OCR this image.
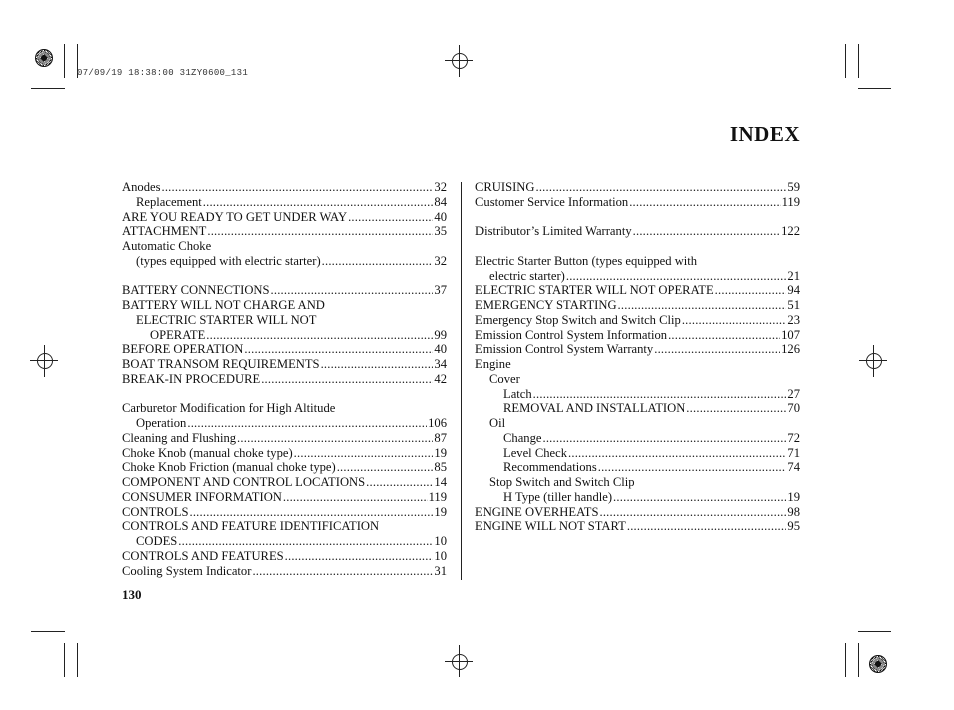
07/09/19 18:38:00 31ZY0600_131
INDEX
Anodes .....	32
Replacement .....	84
ARE YOU READY TO GET UNDER WAY .....	40
ATTACHMENT .....	35
Automatic Choke
(types equipped with electric starter) .....	32
BATTERY CONNECTIONS .....	37
BATTERY WILL NOT CHARGE AND
ELECTRIC STARTER WILL NOT
OPERATE .....	99
BEFORE OPERATION .....	40
BOAT TRANSOM REQUIREMENTS .....	34
BREAK-IN PROCEDURE .....	42
Carburetor Modification for High Altitude
Operation .....	106
Cleaning and Flushing .....	87
Choke Knob (manual choke type) .....	19
Choke Knob Friction (manual choke type) .....	85
COMPONENT AND CONTROL LOCATIONS .....	14
CONSUMER INFORMATION .....	119
CONTROLS .....	19
CONTROLS AND FEATURE IDENTIFICATION
CODES .....	10
CONTROLS AND FEATURES .....	10
Cooling System Indicator .....	31
CRUISING .....	59
Customer Service Information .....	119
Distributor’s Limited Warranty .....	122
Electric Starter Button (types equipped with
electric starter) .....	21
ELECTRIC STARTER WILL NOT OPERATE .....	94
EMERGENCY STARTING .....	51
Emergency Stop Switch and Switch Clip .....	23
Emission Control System Information .....	107
Emission Control System Warranty .....	126
Engine
Cover
Latch .....	27
REMOVAL AND INSTALLATION .....	70
Oil
Change .....	72
Level Check .....	71
Recommendations .....	74
Stop Switch and Switch Clip
H Type (tiller handle) .....	19
ENGINE OVERHEATS .....	98
ENGINE WILL NOT START .....	95
130
